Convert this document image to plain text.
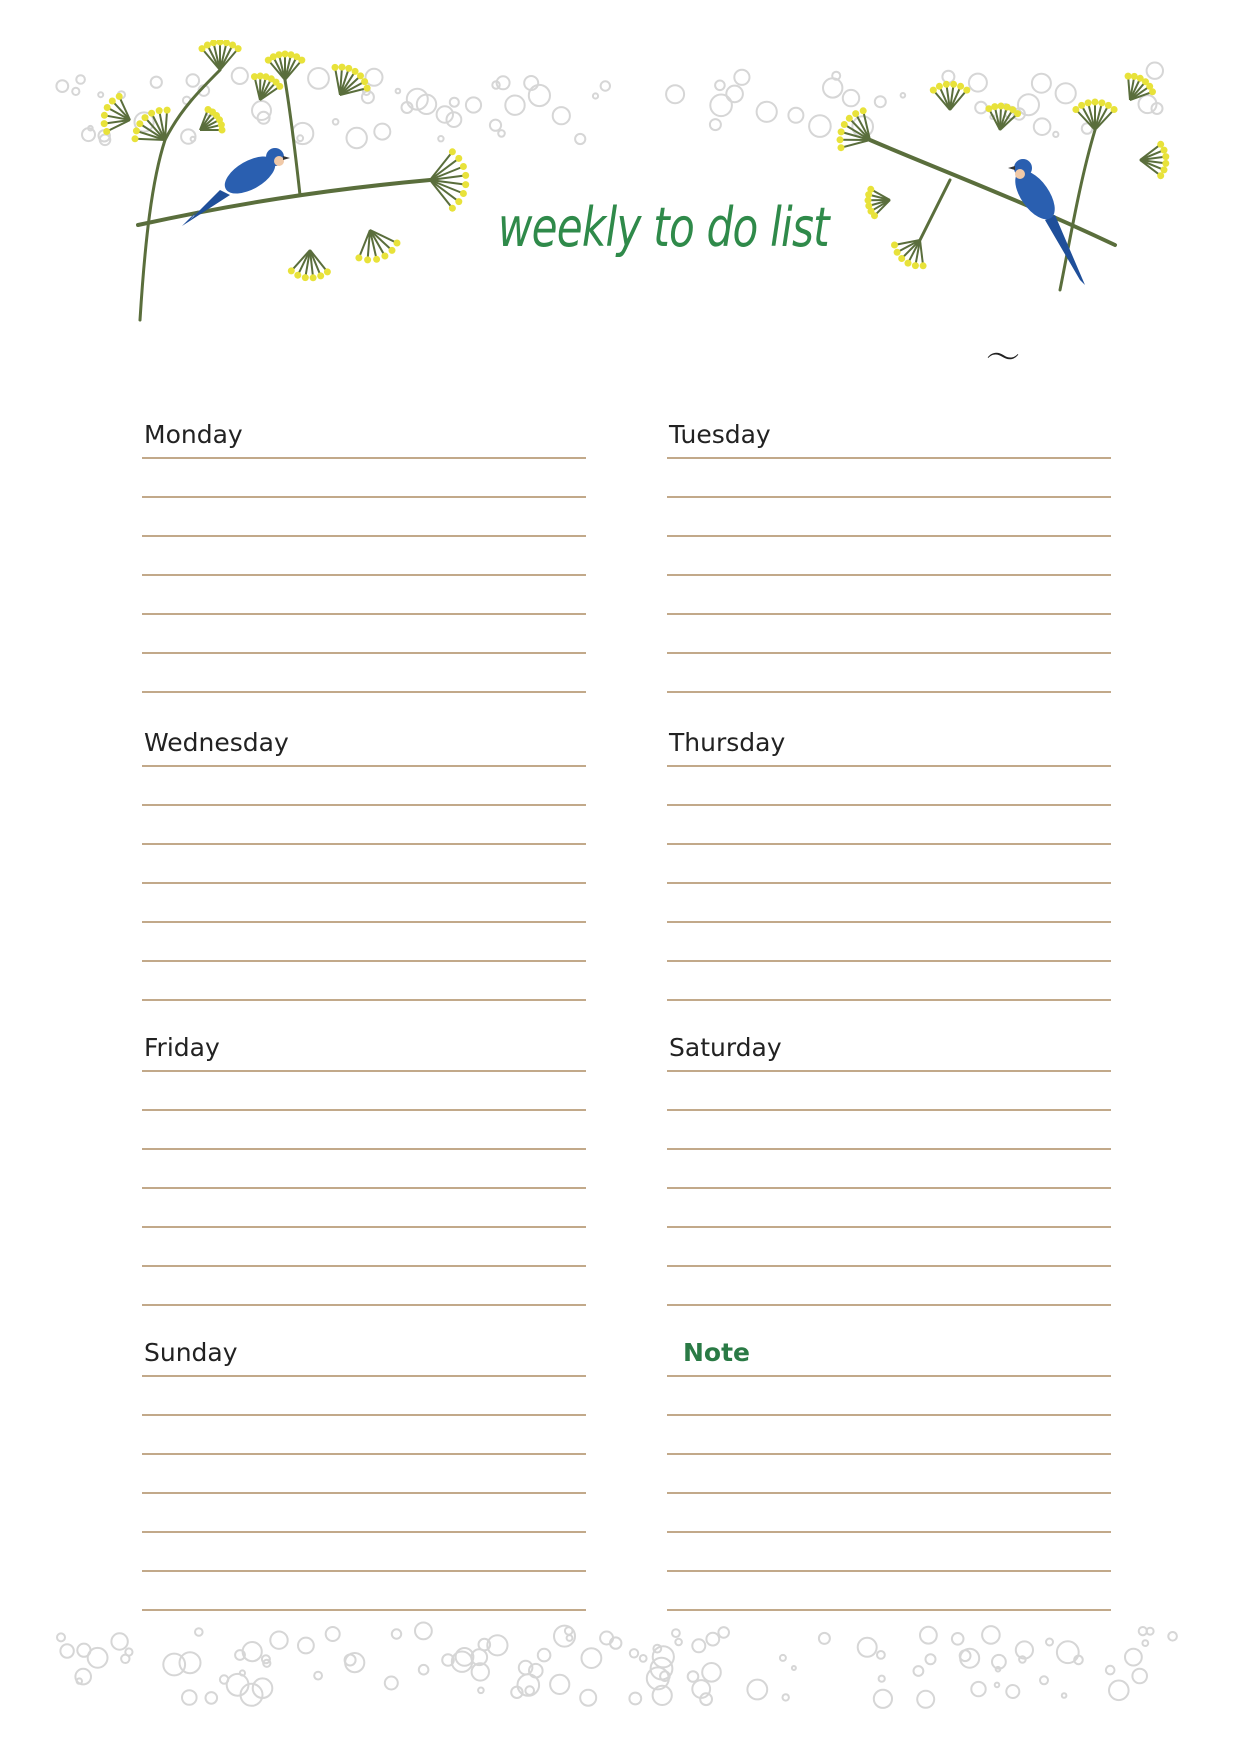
weekly to do list
～
Monday	Tuesday
Wednesday	Thursday
Friday	Saturday
Sunday	Note
